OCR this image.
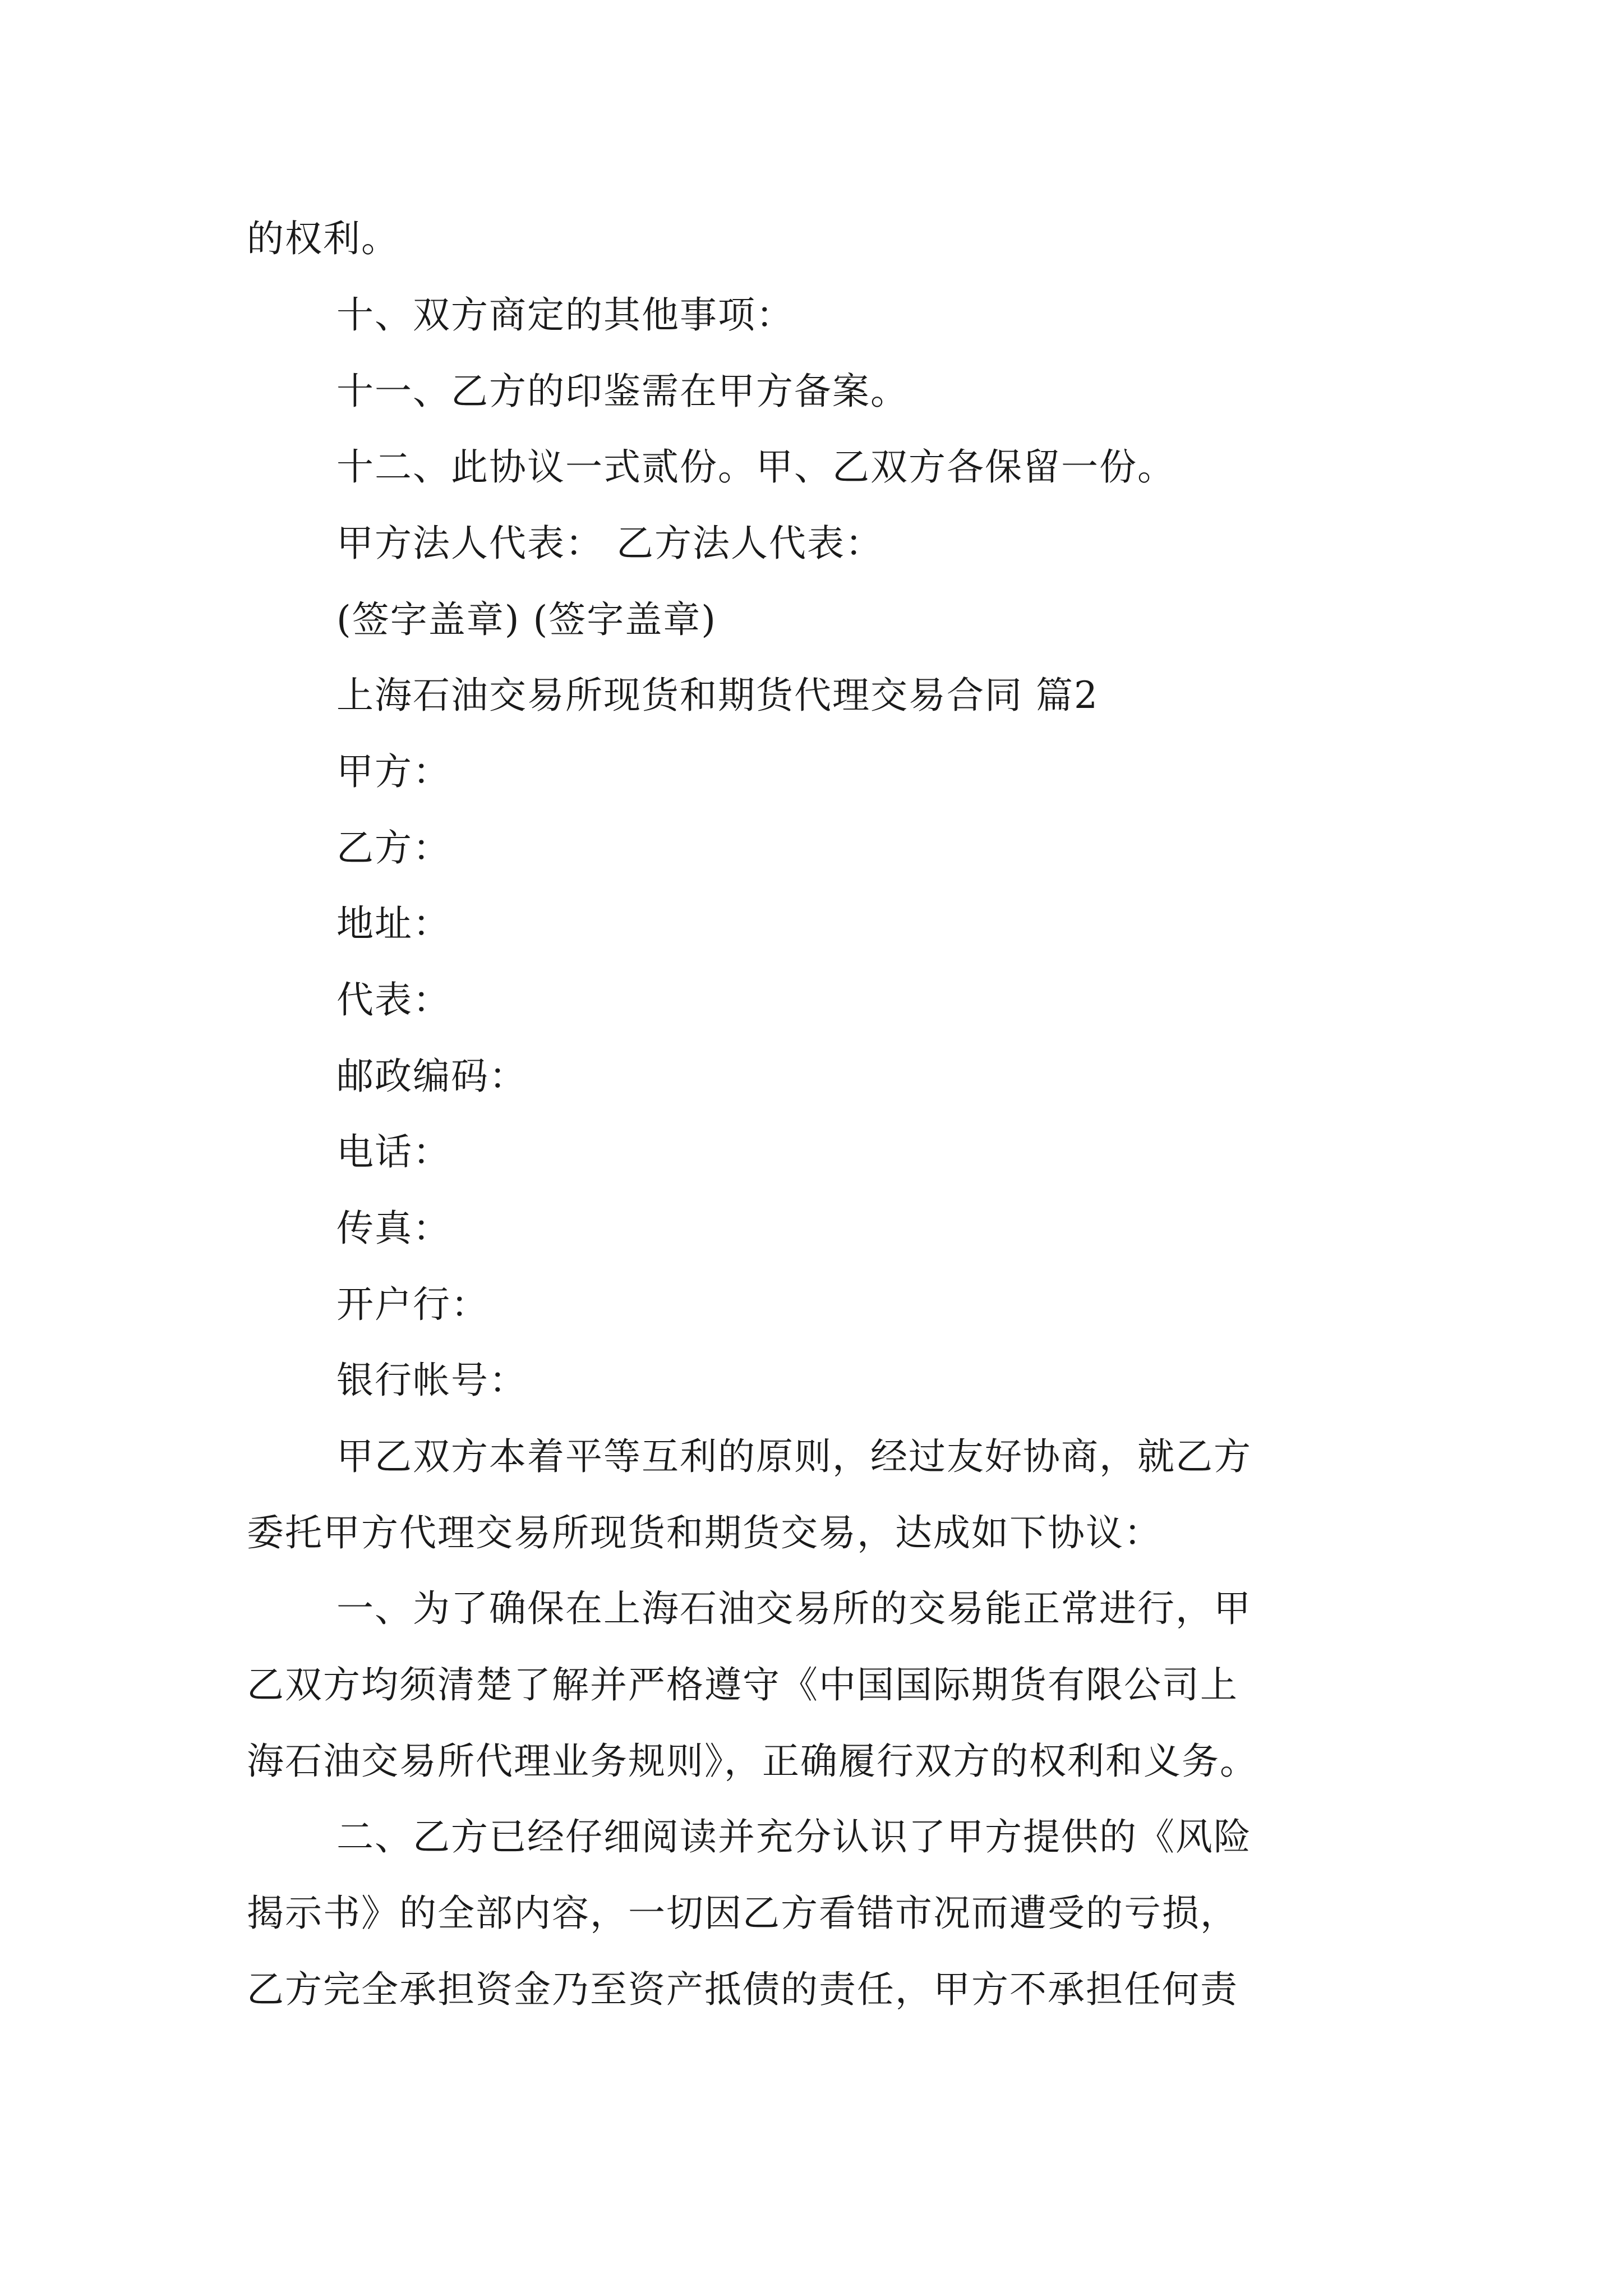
的权利。
十、双方商定的其他事项：
十一、乙方的印鉴需在甲方备案。
十二、此协议一式贰份。甲、乙双方各保留一份。
甲方法人代表： 乙方法人代表：
(签字盖章) (签字盖章)
上海石油交易所现货和期货代理交易合同 篇2
甲方：
乙方：
地址：
代表：
邮政编码：
电话：
传真：
开户行：
银行帐号：
甲乙双方本着平等互利的原则，经过友好协商，就乙方
委托甲方代理交易所现货和期货交易，达成如下协议：
一、为了确保在上海石油交易所的交易能正常进行，甲
乙双方均须清楚了解并严格遵守《中国国际期货有限公司上
海石油交易所代理业务规则》，正确履行双方的权利和义务。
二、乙方已经仔细阅读并充分认识了甲方提供的《风险
揭示书》的全部内容，一切因乙方看错市况而遭受的亏损，
乙方完全承担资金乃至资产抵债的责任，甲方不承担任何责
